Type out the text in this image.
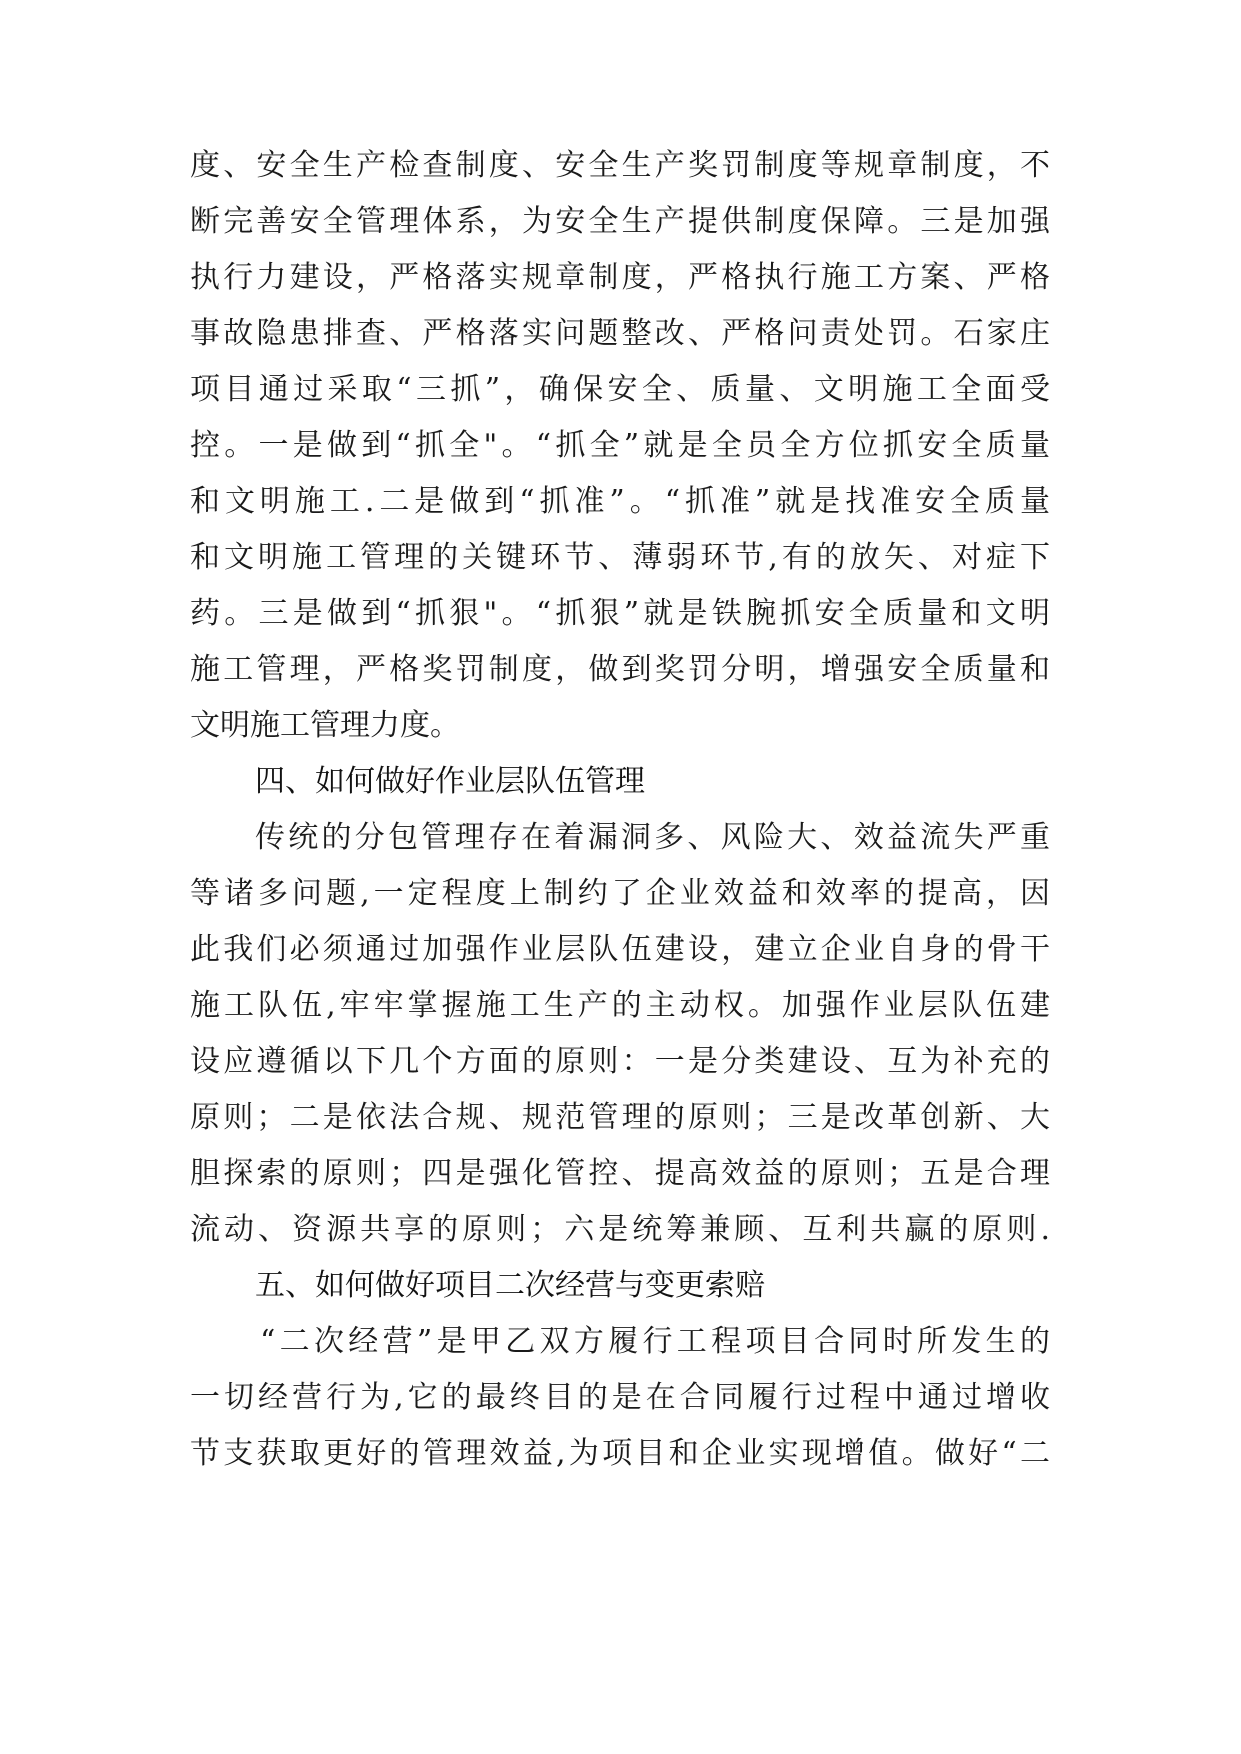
度、安全生产检查制度、安全生产奖罚制度等规章制度，不
断完善安全管理体系，为安全生产提供制度保障。三是加强
执行力建设，严格落实规章制度，严格执行施工方案、严格
事故隐患排查、严格落实问题整改、严格问责处罚。石家庄
项目通过采取“三抓”，确保安全、质量、文明施工全面受
控。一是做到“抓全"。“抓全”就是全员全方位抓安全质量
和文明施工.二是做到“抓准”。“抓准”就是找准安全质量
和文明施工管理的关键环节、薄弱环节,有的放矢、对症下
药。三是做到“抓狠"。“抓狠”就是铁腕抓安全质量和文明
施工管理，严格奖罚制度，做到奖罚分明，增强安全质量和
文明施工管理力度。
四、如何做好作业层队伍管理
传统的分包管理存在着漏洞多、风险大、效益流失严重
等诸多问题,一定程度上制约了企业效益和效率的提高，因
此我们必须通过加强作业层队伍建设，建立企业自身的骨干
施工队伍,牢牢掌握施工生产的主动权。加强作业层队伍建
设应遵循以下几个方面的原则：一是分类建设、互为补充的
原则；二是依法合规、规范管理的原则；三是改革创新、大
胆探索的原则；四是强化管控、提高效益的原则；五是合理
流动、资源共享的原则；六是统筹兼顾、互利共赢的原则.
五、如何做好项目二次经营与变更索赔
“二次经营”是甲乙双方履行工程项目合同时所发生的
一切经营行为,它的最终目的是在合同履行过程中通过增收
节支获取更好的管理效益,为项目和企业实现增值。做好“二
